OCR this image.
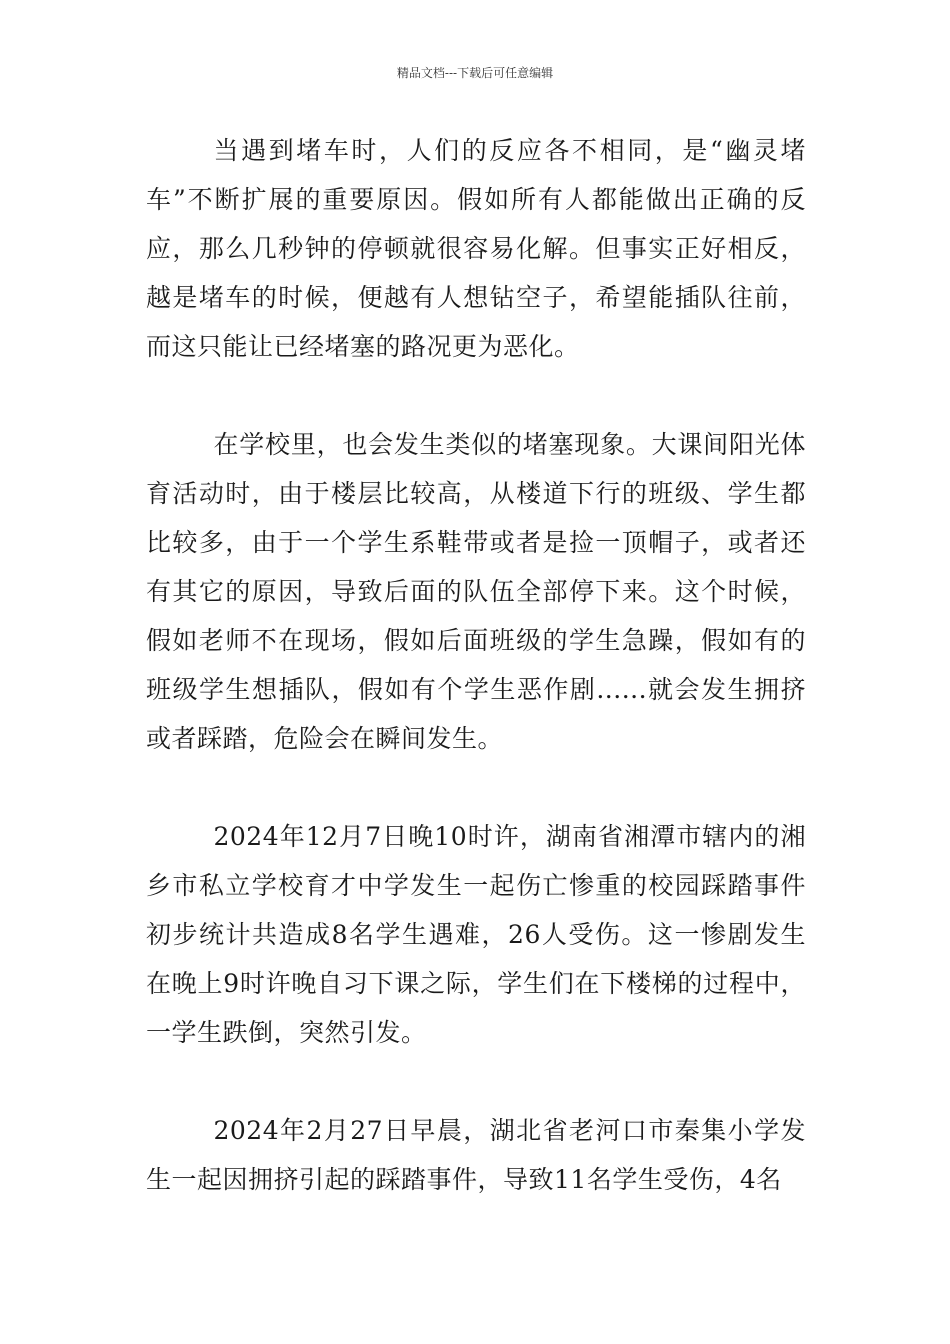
精品文档---下载后可任意编辑

当遇到堵车时，人们的反应各不相同，是“幽灵堵车”不断扩展的重要原因。假如所有人都能做出正确的反应，那么几秒钟的停顿就很容易化解。但事实正好相反，越是堵车的时候，便越有人想钻空子，希望能插队往前，而这只能让已经堵塞的路况更为恶化。

在学校里，也会发生类似的堵塞现象。大课间阳光体育活动时，由于楼层比较高，从楼道下行的班级、学生都比较多，由于一个学生系鞋带或者是捡一顶帽子，或者还有其它的原因，导致后面的队伍全部停下来。这个时候，假如老师不在现场，假如后面班级的学生急躁，假如有的班级学生想插队，假如有个学生恶作剧......就会发生拥挤或者踩踏，危险会在瞬间发生。

2024年12月7日晚10时许，湖南省湘潭市辖内的湘乡市私立学校育才中学发生一起伤亡惨重的校园踩踏事件初步统计共造成8名学生遇难，26人受伤。这一惨剧发生在晚上9时许晚自习下课之际，学生们在下楼梯的过程中，一学生跌倒，突然引发。

2024年2月27日早晨，湖北省老河口市秦集小学发生一起因拥挤引起的踩踏事件，导致11名学生受伤，4名
